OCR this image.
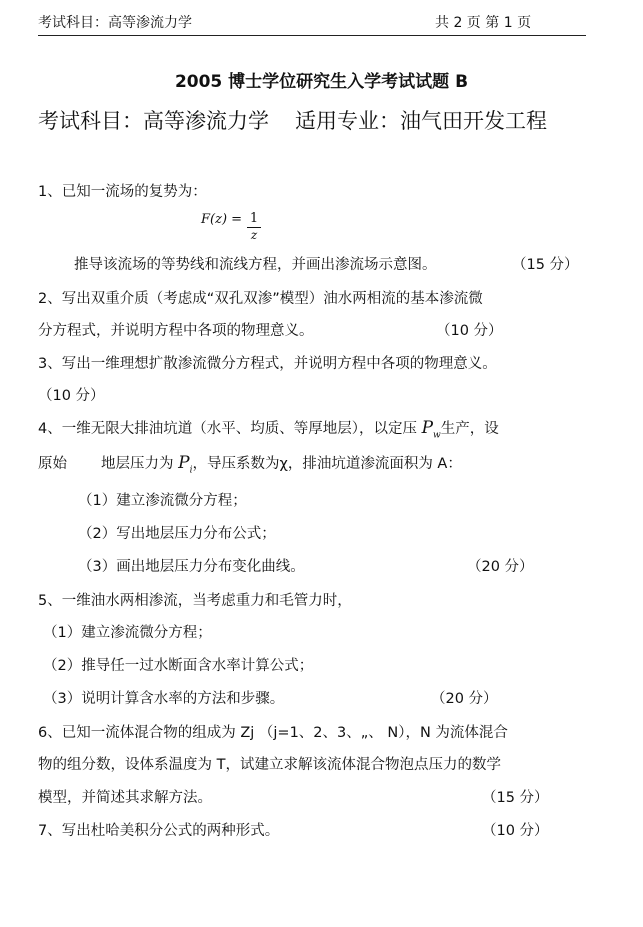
考试科目：高等渗流力学	共 2 页 第 1 页
2005 博士学位研究生入学考试试题 B
考试科目：高等渗流力学 适用专业：油气田开发工程
1、已知一流场的复势为：
F(z) = 1
z
推导该流场的等势线和流线方程，并画出渗流场示意图。	（15 分）
2、写出双重介质（考虑成“双孔双渗”模型）油水两相流的基本渗流微
分方程式，并说明方程中各项的物理意义。	（10 分）
3、写出一维理想扩散渗流微分方程式，并说明方程中各项的物理意义。
（10 分）
4、一维无限大排油坑道（水平、均质、等厚地层），以定压 $P_w$生产，设
原始 地层压力为 $P_i$，导压系数为χ，排油坑道渗流面积为 A：
（1）建立渗流微分方程；
（2）写出地层压力分布公式；
（3）画出地层压力分布变化曲线。	（20 分）
5、一维油水两相渗流，当考虑重力和毛管力时，
（1）建立渗流微分方程；
（2）推导任一过水断面含水率计算公式；
（3）说明计算含水率的方法和步骤。	（20 分）
6、已知一流体混合物的组成为 Zj （j=1、2、3、„、 N），N 为流体混合
物的组分数，设体系温度为 T，试建立求解该流体混合物泡点压力的数学
模型，并简述其求解方法。	（15 分）
7、写出杜哈美积分公式的两种形式。	（10 分）
